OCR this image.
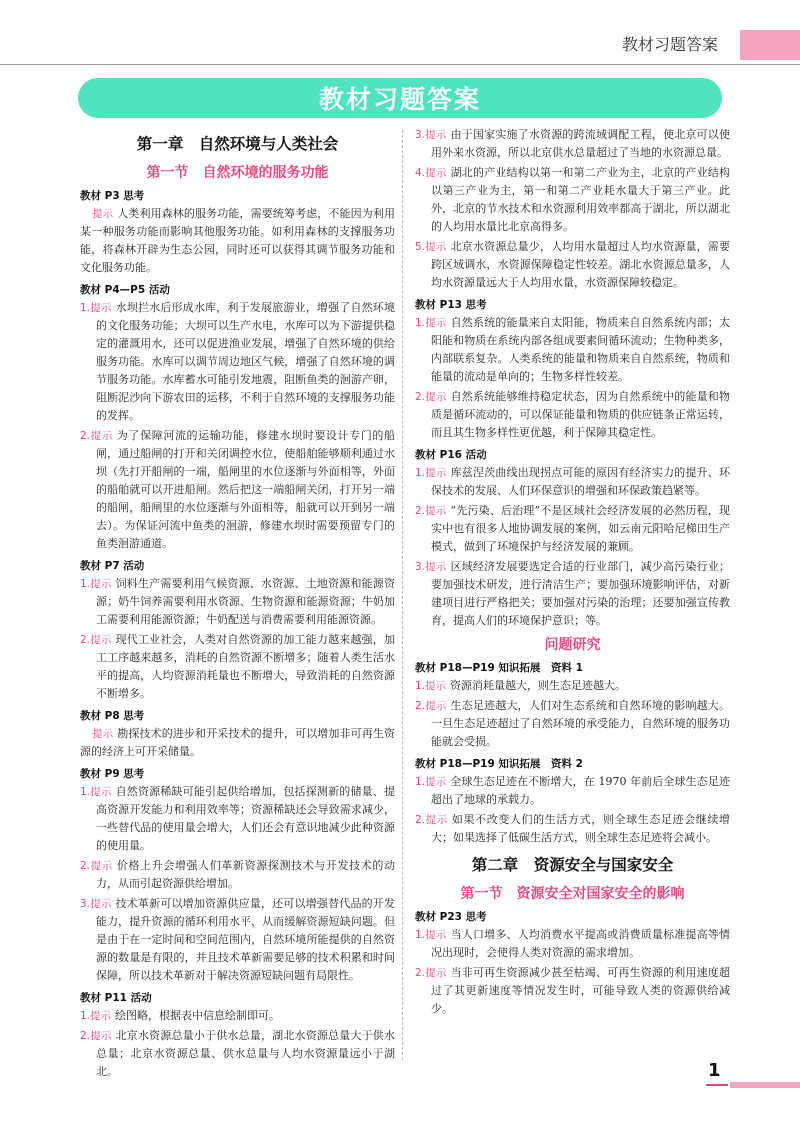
教材习题答案
教材习题答案
第一章　自然环境与人类社会
第一节　自然环境的服务功能
教材 P3 思考

提示 人类利用森林的服务功能，需要统筹考虑，不能因为利用某一种服务功能而影响其他服务功能。如利用森林的支撑服务功能，将森林开辟为生态公园，同时还可以获得其调节服务功能和文化服务功能。

教材 P4—P5 活动

1.提示 水坝拦水后形成水库，利于发展旅游业，增强了自然环境的文化服务功能；大坝可以生产水电，水库可以为下游提供稳定的灌溉用水，还可以促进渔业发展，增强了自然环境的供给服务功能。水库可以调节周边地区气候，增强了自然环境的调节服务功能。水库蓄水可能引发地震，阻断鱼类的洄游产卵，阻断泥沙向下游农田的运移，不利于自然环境的支撑服务功能的发挥。

2.提示 为了保障河流的运输功能，修建水坝时要设计专门的船闸，通过船闸的打开和关闭调控水位，使船舶能够顺利通过水坝（先打开船闸的一端，船闸里的水位逐渐与外面相等，外面的船舶就可以开进船闸。然后把这一端船闸关闭，打开另一端的船闸，船闸里的水位逐渐与外面相等，船就可以开到另一端去）。为保证河流中鱼类的洄游，修建水坝时需要预留专门的鱼类洄游通道。

教材 P7 活动

1.提示 饲料生产需要利用气候资源、水资源、土地资源和能源资源；奶牛饲养需要利用水资源、生物资源和能源资源；牛奶加工需要利用能源资源；牛奶配送与消费需要利用能源资源。

2.提示 现代工业社会，人类对自然资源的加工能力越来越强，加工工序越来越多，消耗的自然资源不断增多；随着人类生活水平的提高，人均资源消耗量也不断增大，导致消耗的自然资源不断增多。

教材 P8 思考

提示 勘探技术的进步和开采技术的提升，可以增加非可再生资源的经济上可开采储量。

教材 P9 思考

1.提示 自然资源稀缺可能引起供给增加，包括探测新的储量、提高资源开发能力和利用效率等；资源稀缺还会导致需求减少，一些替代品的使用量会增大，人们还会有意识地减少此种资源的使用量。

2.提示 价格上升会增强人们革新资源探测技术与开发技术的动力，从而引起资源供给增加。

3.提示 技术革新可以增加资源供应量，还可以增强替代品的开发能力，提升资源的循环利用水平，从而缓解资源短缺问题。但是由于在一定时间和空间范围内，自然环境所能提供的自然资源的数量是有限的，并且技术革新需要足够的技术积累和时间保障，所以技术革新对于解决资源短缺问题有局限性。

教材 P11 活动

1.提示 绘图略，根据表中信息绘制即可。

2.提示 北京水资源总量小于供水总量，湖北水资源总量大于供水总量；北京水资源总量、供水总量与人均水资源量远小于湖北。

3.提示 由于国家实施了水资源的跨流域调配工程，使北京可以使用外来水资源，所以北京供水总量超过了当地的水资源总量。

4.提示 湖北的产业结构以第一和第二产业为主，北京的产业结构以第三产业为主，第一和第二产业耗水量大于第三产业。此外，北京的节水技术和水资源利用效率都高于湖北，所以湖北的人均用水量比北京高得多。

5.提示 北京水资源总量少，人均用水量超过人均水资源量，需要跨区域调水，水资源保障稳定性较差。湖北水资源总量多，人均水资源量远大于人均用水量，水资源保障较稳定。

教材 P13 思考

1.提示 自然系统的能量来自太阳能，物质来自自然系统内部；太阳能和物质在系统内部各组成要素间循环流动；生物种类多，内部联系复杂。人类系统的能量和物质来自自然系统，物质和能量的流动是单向的；生物多样性较差。

2.提示 自然系统能够维持稳定状态，因为自然系统中的能量和物质是循环流动的，可以保证能量和物质的供应链条正常运转，而且其生物多样性更优越，利于保障其稳定性。

教材 P16 活动

1.提示 库兹涅茨曲线出现拐点可能的原因有经济实力的提升、环保技术的发展、人们环保意识的增强和环保政策趋紧等。

2.提示 “先污染、后治理”不是区域社会经济发展的必然历程，现实中也有很多人地协调发展的案例，如云南元阳哈尼梯田生产模式，做到了环境保护与经济发展的兼顾。

3.提示 区域经济发展要选定合适的行业部门，减少高污染行业；要加强技术研发，进行清洁生产；要加强环境影响评估，对新建项目进行严格把关；要加强对污染的治理；还要加强宣传教育，提高人们的环境保护意识；等。

问题研究
教材 P18—P19 知识拓展　资料 1

1.提示 资源消耗量越大，则生态足迹越大。

2.提示 生态足迹越大，人们对生态系统和自然环境的影响越大。一旦生态足迹超过了自然环境的承受能力，自然环境的服务功能就会受损。

教材 P18—P19 知识拓展　资料 2

1.提示 全球生态足迹在不断增大，在 1970 年前后全球生态足迹超出了地球的承载力。

2.提示 如果不改变人们的生活方式，则全球生态足迹会继续增大；如果选择了低碳生活方式，则全球生态足迹将会减小。

第二章　资源安全与国家安全
第一节　资源安全对国家安全的影响
教材 P23 思考

1.提示 当人口增多、人均消费水平提高或消费质量标准提高等情况出现时，会使得人类对资源的需求增加。

2.提示 当非可再生资源减少甚至枯竭、可再生资源的利用速度超过了其更新速度等情况发生时，可能导致人类的资源供给减少。

1
